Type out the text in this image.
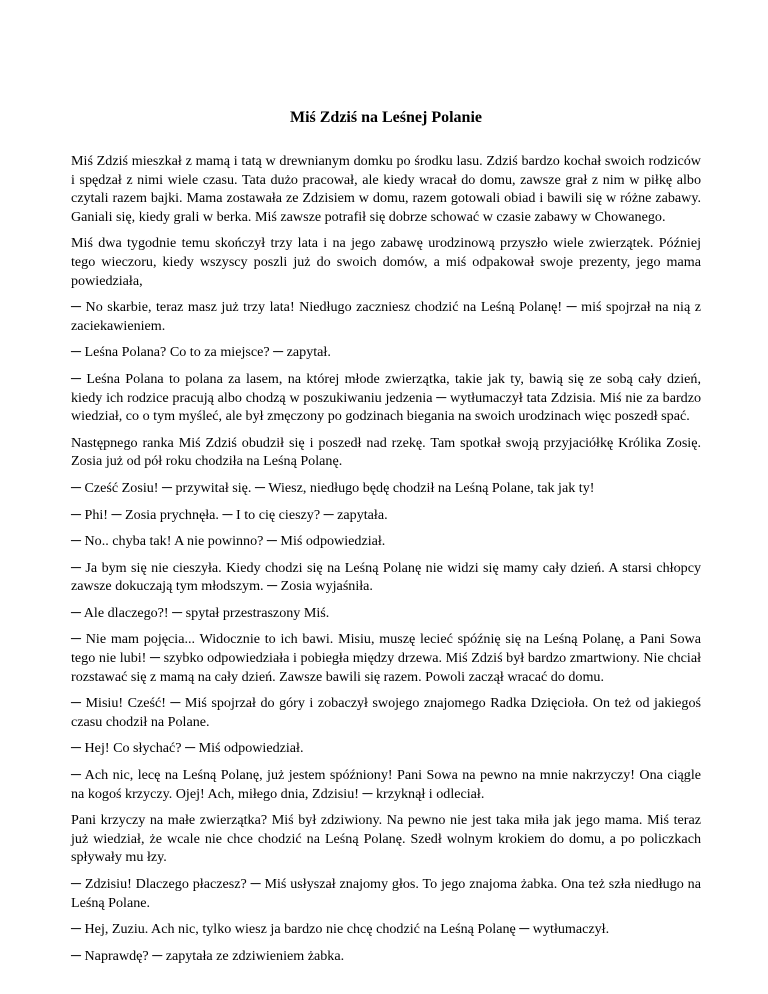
Miś Zdziś na Leśnej Polanie

Miś Zdziś mieszkał z mamą i tatą w drewnianym domku po środku lasu. Zdziś bardzo kochał swoich rodziców i spędzał z nimi wiele czasu. Tata dużo pracował, ale kiedy wracał do domu, zawsze grał z nim w piłkę albo czytali razem bajki. Mama zostawała ze Zdzisiem w domu, razem gotowali obiad i bawili się w różne zabawy. Ganiali się, kiedy grali w berka. Miś zawsze potrafił się dobrze schować w czasie zabawy w Chowanego.

Miś dwa tygodnie temu skończył trzy lata i na jego zabawę urodzinową przyszło wiele zwierzątek. Później tego wieczoru, kiedy wszyscy poszli już do swoich domów, a miś odpakował swoje prezenty, jego mama powiedziała,

─ No skarbie, teraz masz już trzy lata! Niedługo zaczniesz chodzić na Leśną Polanę! ─ miś spojrzał na nią z zaciekawieniem.

─ Leśna Polana? Co to za miejsce? ─ zapytał.

─ Leśna Polana to polana za lasem, na której młode zwierzątka, takie jak ty, bawią się ze sobą cały dzień, kiedy ich rodzice pracują albo chodzą w poszukiwaniu jedzenia ─ wytłumaczył tata Zdzisia. Miś nie za bardzo wiedział, co o tym myśleć, ale był zmęczony po godzinach biegania na swoich urodzinach więc poszedł spać.

Następnego ranka Miś Zdziś obudził się i poszedł nad rzekę. Tam spotkał swoją przyjaciółkę Królika Zosię. Zosia już od pół roku chodziła na Leśną Polanę.

─ Cześć Zosiu! ─ przywitał się. ─ Wiesz, niedługo będę chodził na Leśną Polane, tak jak ty!

─ Phi! ─ Zosia prychnęła. ─ I to cię cieszy? ─ zapytała.

─ No.. chyba tak! A nie powinno? ─ Miś odpowiedział.

─ Ja bym się nie cieszyła. Kiedy chodzi się na Leśną Polanę nie widzi się mamy cały dzień. A starsi chłopcy zawsze dokuczają tym młodszym. ─ Zosia wyjaśniła.

─ Ale dlaczego?! ─ spytał przestraszony Miś.

─ Nie mam pojęcia... Widocznie to ich bawi. Misiu, muszę lecieć spóźnię się na Leśną Polanę, a Pani Sowa tego nie lubi! ─ szybko odpowiedziała i pobiegła między drzewa. Miś Zdziś był bardzo zmartwiony. Nie chciał rozstawać się z mamą na cały dzień. Zawsze bawili się razem. Powoli zaczął wracać do domu.

─ Misiu! Cześć! ─ Miś spojrzał do góry i zobaczył swojego znajomego Radka Dzięcioła. On też od jakiegoś czasu chodził na Polane.

─ Hej! Co słychać? ─ Miś odpowiedział.

─ Ach nic, lecę na Leśną Polanę, już jestem spóźniony! Pani Sowa na pewno na mnie nakrzyczy! Ona ciągle na kogoś krzyczy. Ojej! Ach, miłego dnia, Zdzisiu! ─ krzyknął i odleciał.

Pani krzyczy na małe zwierzątka? Miś był zdziwiony. Na pewno nie jest taka miła jak jego mama. Miś teraz już wiedział, że wcale nie chce chodzić na Leśną Polanę. Szedł wolnym krokiem do domu, a po policzkach spływały mu łzy.

─ Zdzisiu! Dlaczego płaczesz? ─ Miś usłyszał znajomy głos. To jego znajoma żabka. Ona też szła niedługo na Leśną Polane.

─ Hej, Zuziu. Ach nic, tylko wiesz ja bardzo nie chcę chodzić na Leśną Polanę ─ wytłumaczył.

─ Naprawdę? ─ zapytała ze zdziwieniem żabka.
